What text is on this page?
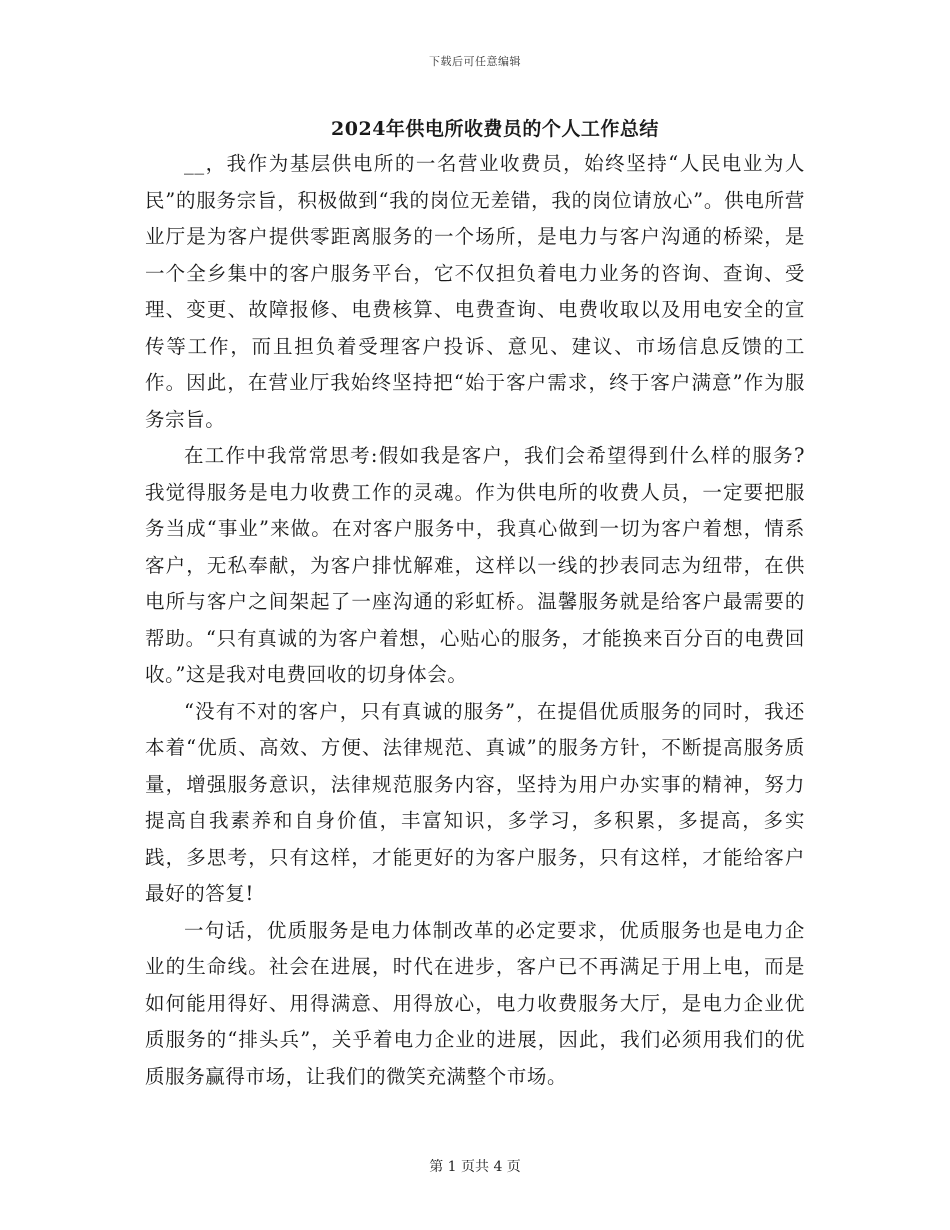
下载后可任意编辑
2024年供电所收费员的个人工作总结

__，我作为基层供电所的一名营业收费员，始终坚持“人民电业为人民”的服务宗旨，积极做到“我的岗位无差错，我的岗位请放心”。供电所营业厅是为客户提供零距离服务的一个场所，是电力与客户沟通的桥梁，是一个全乡集中的客户服务平台，它不仅担负着电力业务的咨询、查询、受理、变更、故障报修、电费核算、电费查询、电费收取以及用电安全的宣传等工作，而且担负着受理客户投诉、意见、建议、市场信息反馈的工作。因此，在营业厅我始终坚持把“始于客户需求，终于客户满意”作为服务宗旨。

在工作中我常常思考:假如我是客户，我们会希望得到什么样的服务?我觉得服务是电力收费工作的灵魂。作为供电所的收费人员，一定要把服务当成“事业”来做。在对客户服务中，我真心做到一切为客户着想，情系客户，无私奉献，为客户排忧解难，这样以一线的抄表同志为纽带，在供电所与客户之间架起了一座沟通的彩虹桥。温馨服务就是给客户最需要的帮助。“只有真诚的为客户着想，心贴心的服务，才能换来百分百的电费回收。”这是我对电费回收的切身体会。

“没有不对的客户，只有真诚的服务”，在提倡优质服务的同时，我还本着“优质、高效、方便、法律规范、真诚”的服务方针，不断提高服务质量，增强服务意识，法律规范服务内容，坚持为用户办实事的精神，努力提高自我素养和自身价值，丰富知识，多学习，多积累，多提高，多实践，多思考，只有这样，才能更好的为客户服务，只有这样，才能给客户最好的答复!

一句话，优质服务是电力体制改革的必定要求，优质服务也是电力企业的生命线。社会在进展，时代在进步，客户已不再满足于用上电，而是如何能用得好、用得满意、用得放心，电力收费服务大厅，是电力企业优质服务的“排头兵”，关乎着电力企业的进展，因此，我们必须用我们的优质服务赢得市场，让我们的微笑充满整个市场。

第 1 页共 4 页
